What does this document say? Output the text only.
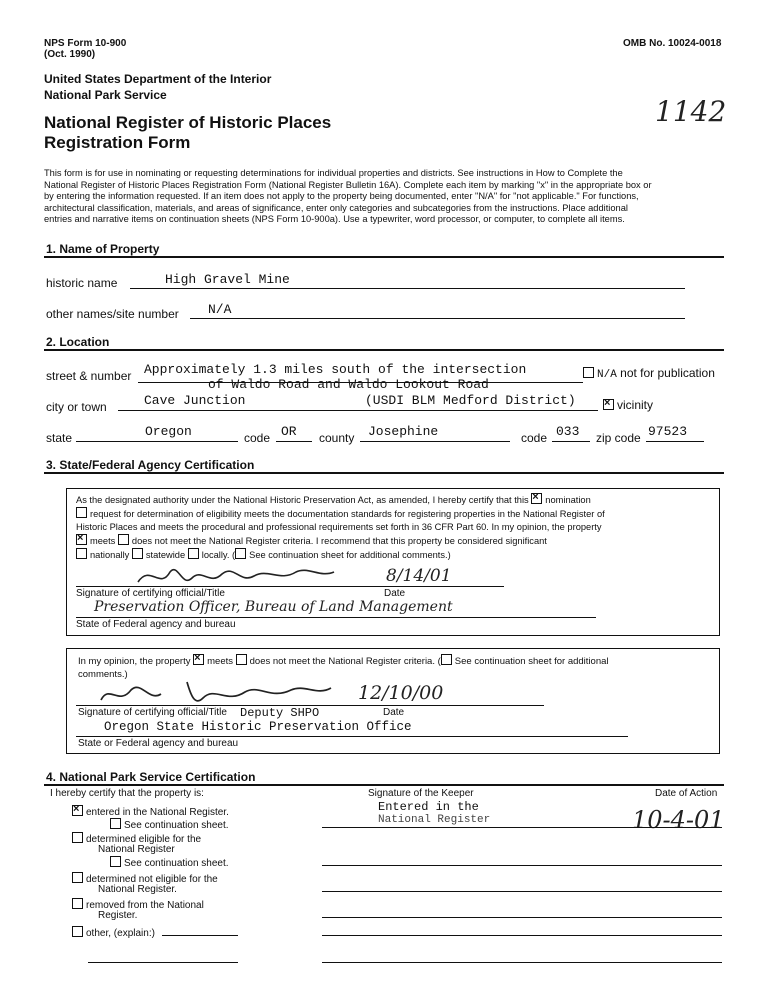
NPS Form 10-900
(Oct. 1990)
OMB No. 10024-0018
United States Department of the Interior
National Park Service
National Register of Historic Places
Registration Form
1142
This form is for use in nominating or requesting determinations for individual properties and districts. See instructions in How to Complete the
National Register of Historic Places Registration Form (National Register Bulletin 16A). Complete each item by marking "x" in the appropriate box or
by entering the information requested. If an item does not apply to the property being documented, enter "N/A" for "not applicable." For functions,
architectural classification, materials, and areas of significance, enter only categories and subcategories from the instructions. Place additional
entries and narrative items on continuation sheets (NPS Form 10-900a). Use a typewriter, word processor, or computer, to complete all items.
1. Name of Property
historic name	High Gravel Mine
other names/site number N/A
2. Location
street & number Approximately 1.3 miles south of the intersection
of Waldo Road and Waldo Lookout Road
N/A not for publication
city or town	Cave Junction	(USDI BLM Medford District) ×	vicinity
state	Oregon	code OR county Josephine	code 033 zip code 97523
3. State/Federal Agency Certification
As the designated authority under the National Historic Preservation Act, as amended, I hereby certify that this × nomination
request for determination of eligibility meets the documentation standards for registering properties in the National Register of
Historic Places and meets the procedural and professional requirements set forth in 36 CFR Part 60. In my opinion, the property
×meets does not meet the National Register criteria. I recommend that this property be considered significant
nationally statewide locally. ( See continuation sheet for additional comments.)
8/14/01
Signature of certifying official/Title	Date
Preservation Officer, Bureau of Land Management
State of Federal agency and bureau
In my opinion, the property × meets does not meet the National Register criteria. ( See continuation sheet for additional
comments.)
12/10/00
Signature of certifying official/Title Deputy SHPO	Date
Oregon State Historic Preservation Office
State or Federal agency and bureau
4. National Park Service Certification
I hereby certify that the property is:	Signature of the Keeper	Date of Action
×entered in the National Register.
See continuation sheet.
Entered in the
National Register	10-4-01
determined eligible for the
National Register
See continuation sheet.
determined not eligible for the
National Register.
removed from the National
Register.
other, (explain:)
